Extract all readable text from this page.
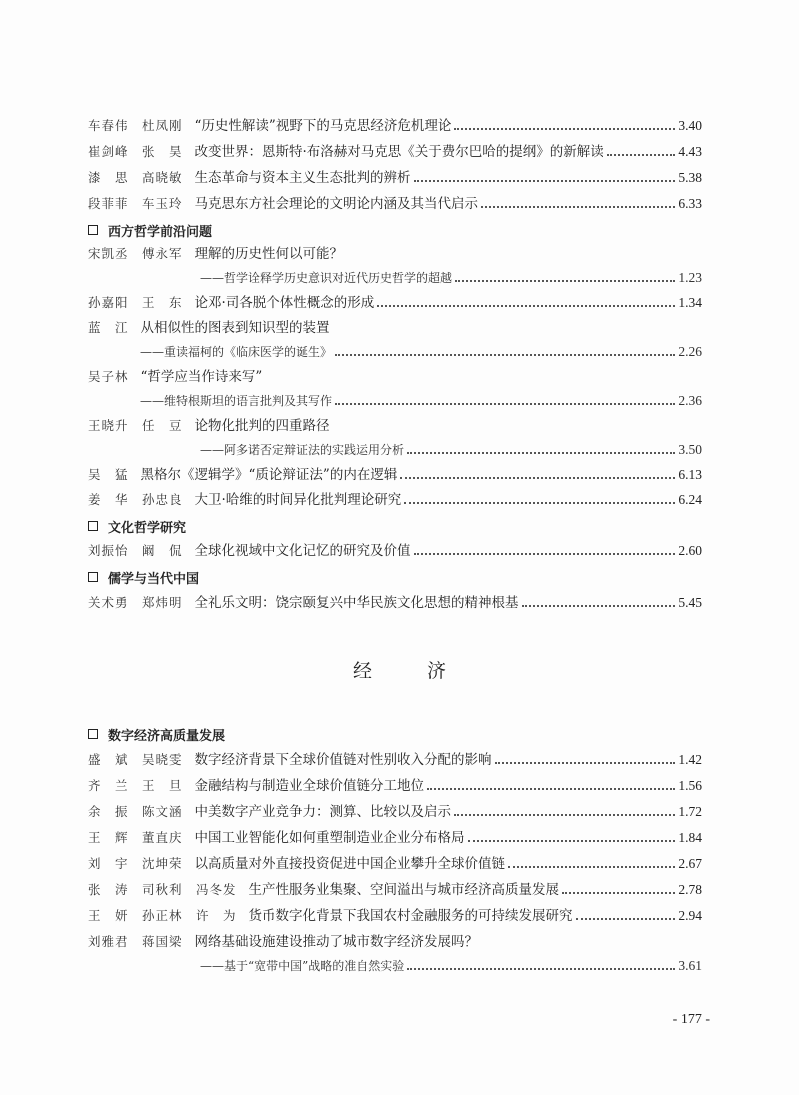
车春伟　杜凤刚 “历史性解读”视野下的马克思经济危机理论	3.40
崔剑峰　张　昊 改变世界：恩斯特·布洛赫对马克思《关于费尔巴哈的提纲》的新解读	4.43
漆　思　高晓敏 生态革命与资本主义生态批判的辨析	5.38
段菲菲　车玉玲 马克思东方社会理论的文明论内涵及其当代启示	6.33
西方哲学前沿问题
宋凯丞　傅永军 理解的历史性何以可能？
——哲学诠释学历史意识对近代历史哲学的超越	1.23
孙嘉阳　王　东 论邓·司各脱个体性概念的形成	1.34
蓝　江 从相似性的图表到知识型的装置
——重读福柯的《临床医学的诞生》	2.26
吴子林 “哲学应当作诗来写”
——维特根斯坦的语言批判及其写作	2.36
王晓升　任　豆 论物化批判的四重路径
——阿多诺否定辩证法的实践运用分析	3.50
吴　猛 黑格尔《逻辑学》“质论辩证法”的内在逻辑	6.13
姜　华　孙忠良 大卫·哈维的时间异化批判理论研究	6.24
文化哲学研究
刘振怡　阚　侃 全球化视域中文化记忆的研究及价值	2.60
儒学与当代中国
关术勇　郑炜明 全礼乐文明：饶宗颐复兴中华民族文化思想的精神根基	5.45
经　济
数字经济高质量发展
盛　斌　吴晓雯 数字经济背景下全球价值链对性别收入分配的影响	1.42
齐　兰　王　旦 金融结构与制造业全球价值链分工地位	1.56
余　振　陈文涵 中美数字产业竞争力：测算、比较以及启示	1.72
王　辉　董直庆 中国工业智能化如何重塑制造业企业分布格局	1.84
刘　宇　沈坤荣 以高质量对外直接投资促进中国企业攀升全球价值链	2.67
张　涛　司秋利　冯冬发 生产性服务业集聚、空间溢出与城市经济高质量发展	2.78
王　妍　孙正林　许　为 货币数字化背景下我国农村金融服务的可持续发展研究	2.94
刘雅君　蒋国梁 网络基础设施建设推动了城市数字经济发展吗？
——基于“宽带中国”战略的准自然实验	3.61
- 177 -
